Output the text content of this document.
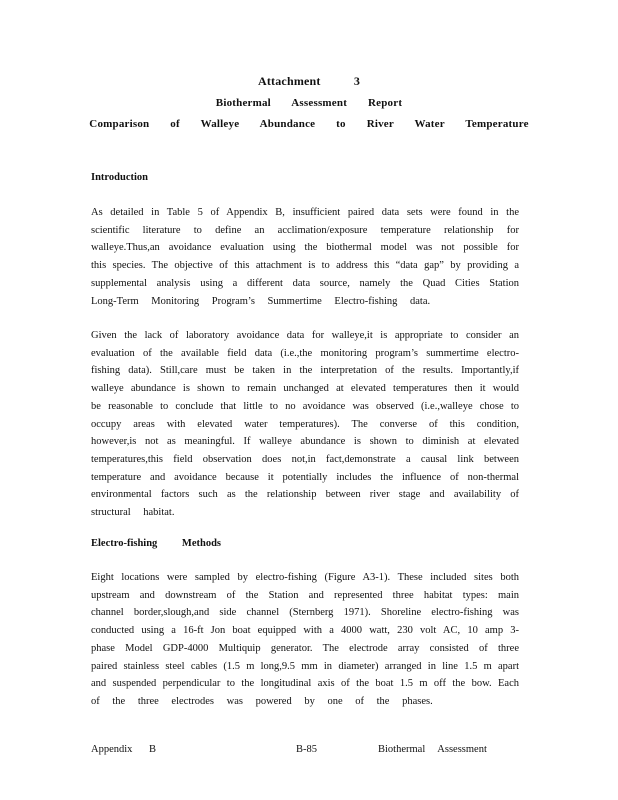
Attachment 3
Biothermal Assessment Report
Comparison of Walleye Abundance to River Water Temperature
Introduction
As detailed in Table 5 of Appendix B, insufficient paired data sets were found in the
scientific literature to define an acclimation/exposure temperature relationship for
walleye.Thus,an avoidance evaluation using the biothermal model was not possible for
this species. The objective of this attachment is to address this “data gap” by providing a
supplemental analysis using a different data source, namely the Quad Cities Station
Long-Term Monitoring Program’s Summertime Electro-fishing data.
Given the lack of laboratory avoidance data for walleye,it is appropriate to consider an
evaluation of the available field data (i.e.,the monitoring program’s summertime electro-
fishing data). Still,care must be taken in the interpretation of the results. Importantly,if
walleye abundance is shown to remain unchanged at elevated temperatures then it would
be reasonable to conclude that little to no avoidance was observed (i.e.,walleye chose to
occupy areas with elevated water temperatures). The converse of this condition,
however,is not as meaningful. If walleye abundance is shown to diminish at elevated
temperatures,this field observation does not,in fact,demonstrate a causal link between
temperature and avoidance because it potentially includes the influence of non-thermal
environmental factors such as the relationship between river stage and availability of
structural habitat.
Electro-fishing Methods
Eight locations were sampled by electro-fishing (Figure A3-1). These included sites both
upstream and downstream of the Station and represented three habitat types: main
channel border,slough,and side channel (Sternberg 1971). Shoreline electro-fishing was
conducted using a 16-ft Jon boat equipped with a 4000 watt, 230 volt AC, 10 amp 3-
phase Model GDP-4000 Multiquip generator. The electrode array consisted of three
paired stainless steel cables (1.5 m long,9.5 mm in diameter) arranged in line 1.5 m apart
and suspended perpendicular to the longitudinal axis of the boat 1.5 m off the bow. Each
of the three electrodes was powered by one of the phases.
Appendix B	B-85	Biothermal Assessment
